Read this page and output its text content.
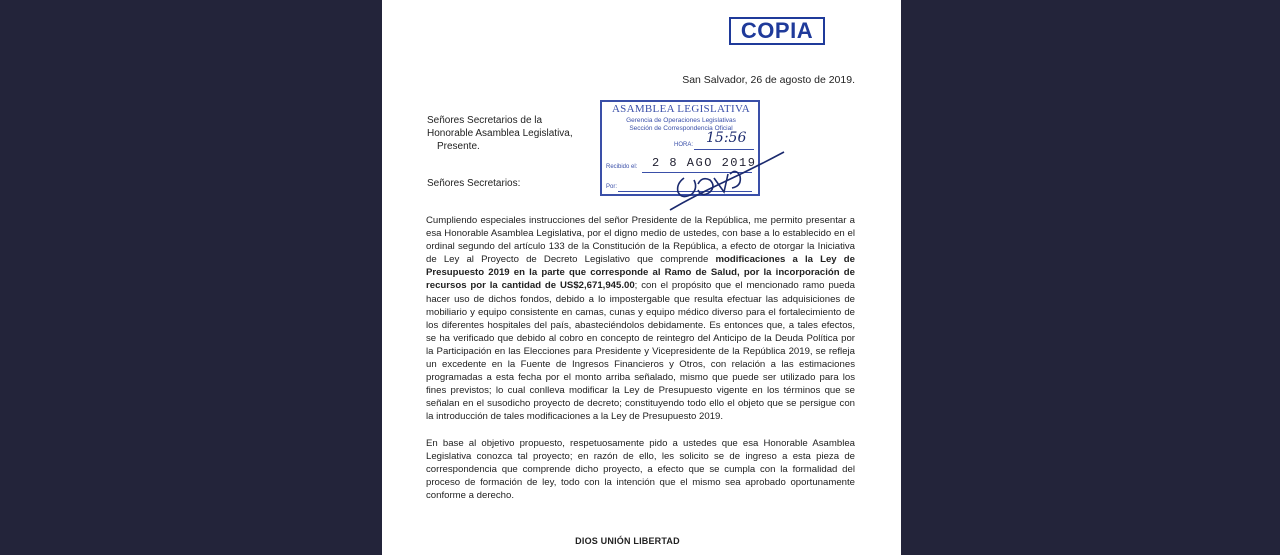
COPIA
San Salvador, 26 de agosto de 2019.
Señores Secretarios de la
Honorable Asamblea Legislativa,
Presente.
ASAMBLEA LEGISLATIVA
Gerencia de Operaciones Legislativas
Sección de Correspondencia Oficial
HORA: 15:56
Recibido el: 2 8 AGO 2019
Por:
Señores Secretarios:

Cumpliendo especiales instrucciones del señor Presidente de la República, me permito presentar a esa Honorable Asamblea Legislativa, por el digno medio de ustedes, con base a lo establecido en el ordinal segundo del artículo 133 de la Constitución de la República, a efecto de otorgar la Iniciativa de Ley al Proyecto de Decreto Legislativo que comprende modificaciones a la Ley de Presupuesto 2019 en la parte que corresponde al Ramo de Salud, por la incorporación de recursos por la cantidad de US$2,671,945.00; con el propósito que el mencionado ramo pueda hacer uso de dichos fondos, debido a lo impostergable que resulta efectuar las adquisiciones de mobiliario y equipo consistente en camas, cunas y equipo médico diverso para el fortalecimiento de los diferentes hospitales del país, abasteciéndolos debidamente. Es entonces que, a tales efectos, se ha verificado que debido al cobro en concepto de reintegro del Anticipo de la Deuda Política por la Participación en las Elecciones para Presidente y Vicepresidente de la República 2019, se refleja un excedente en la Fuente de Ingresos Financieros y Otros, con relación a las estimaciones programadas a esta fecha por el monto arriba señalado, mismo que puede ser utilizado para los fines previstos; lo cual conlleva modificar la Ley de Presupuesto vigente en los términos que se señalan en el susodicho proyecto de decreto; constituyendo todo ello el objeto que se persigue con la introducción de tales modificaciones a la Ley de Presupuesto 2019.

En base al objetivo propuesto, respetuosamente pido a ustedes que esa Honorable Asamblea Legislativa conozca tal proyecto; en razón de ello, les solicito se de ingreso a esta pieza de correspondencia que comprende dicho proyecto, a efecto que se cumpla con la formalidad del proceso de formación de ley, todo con la intención que el mismo sea aprobado oportunamente conforme a derecho.

DIOS UNIÓN LIBERTAD
